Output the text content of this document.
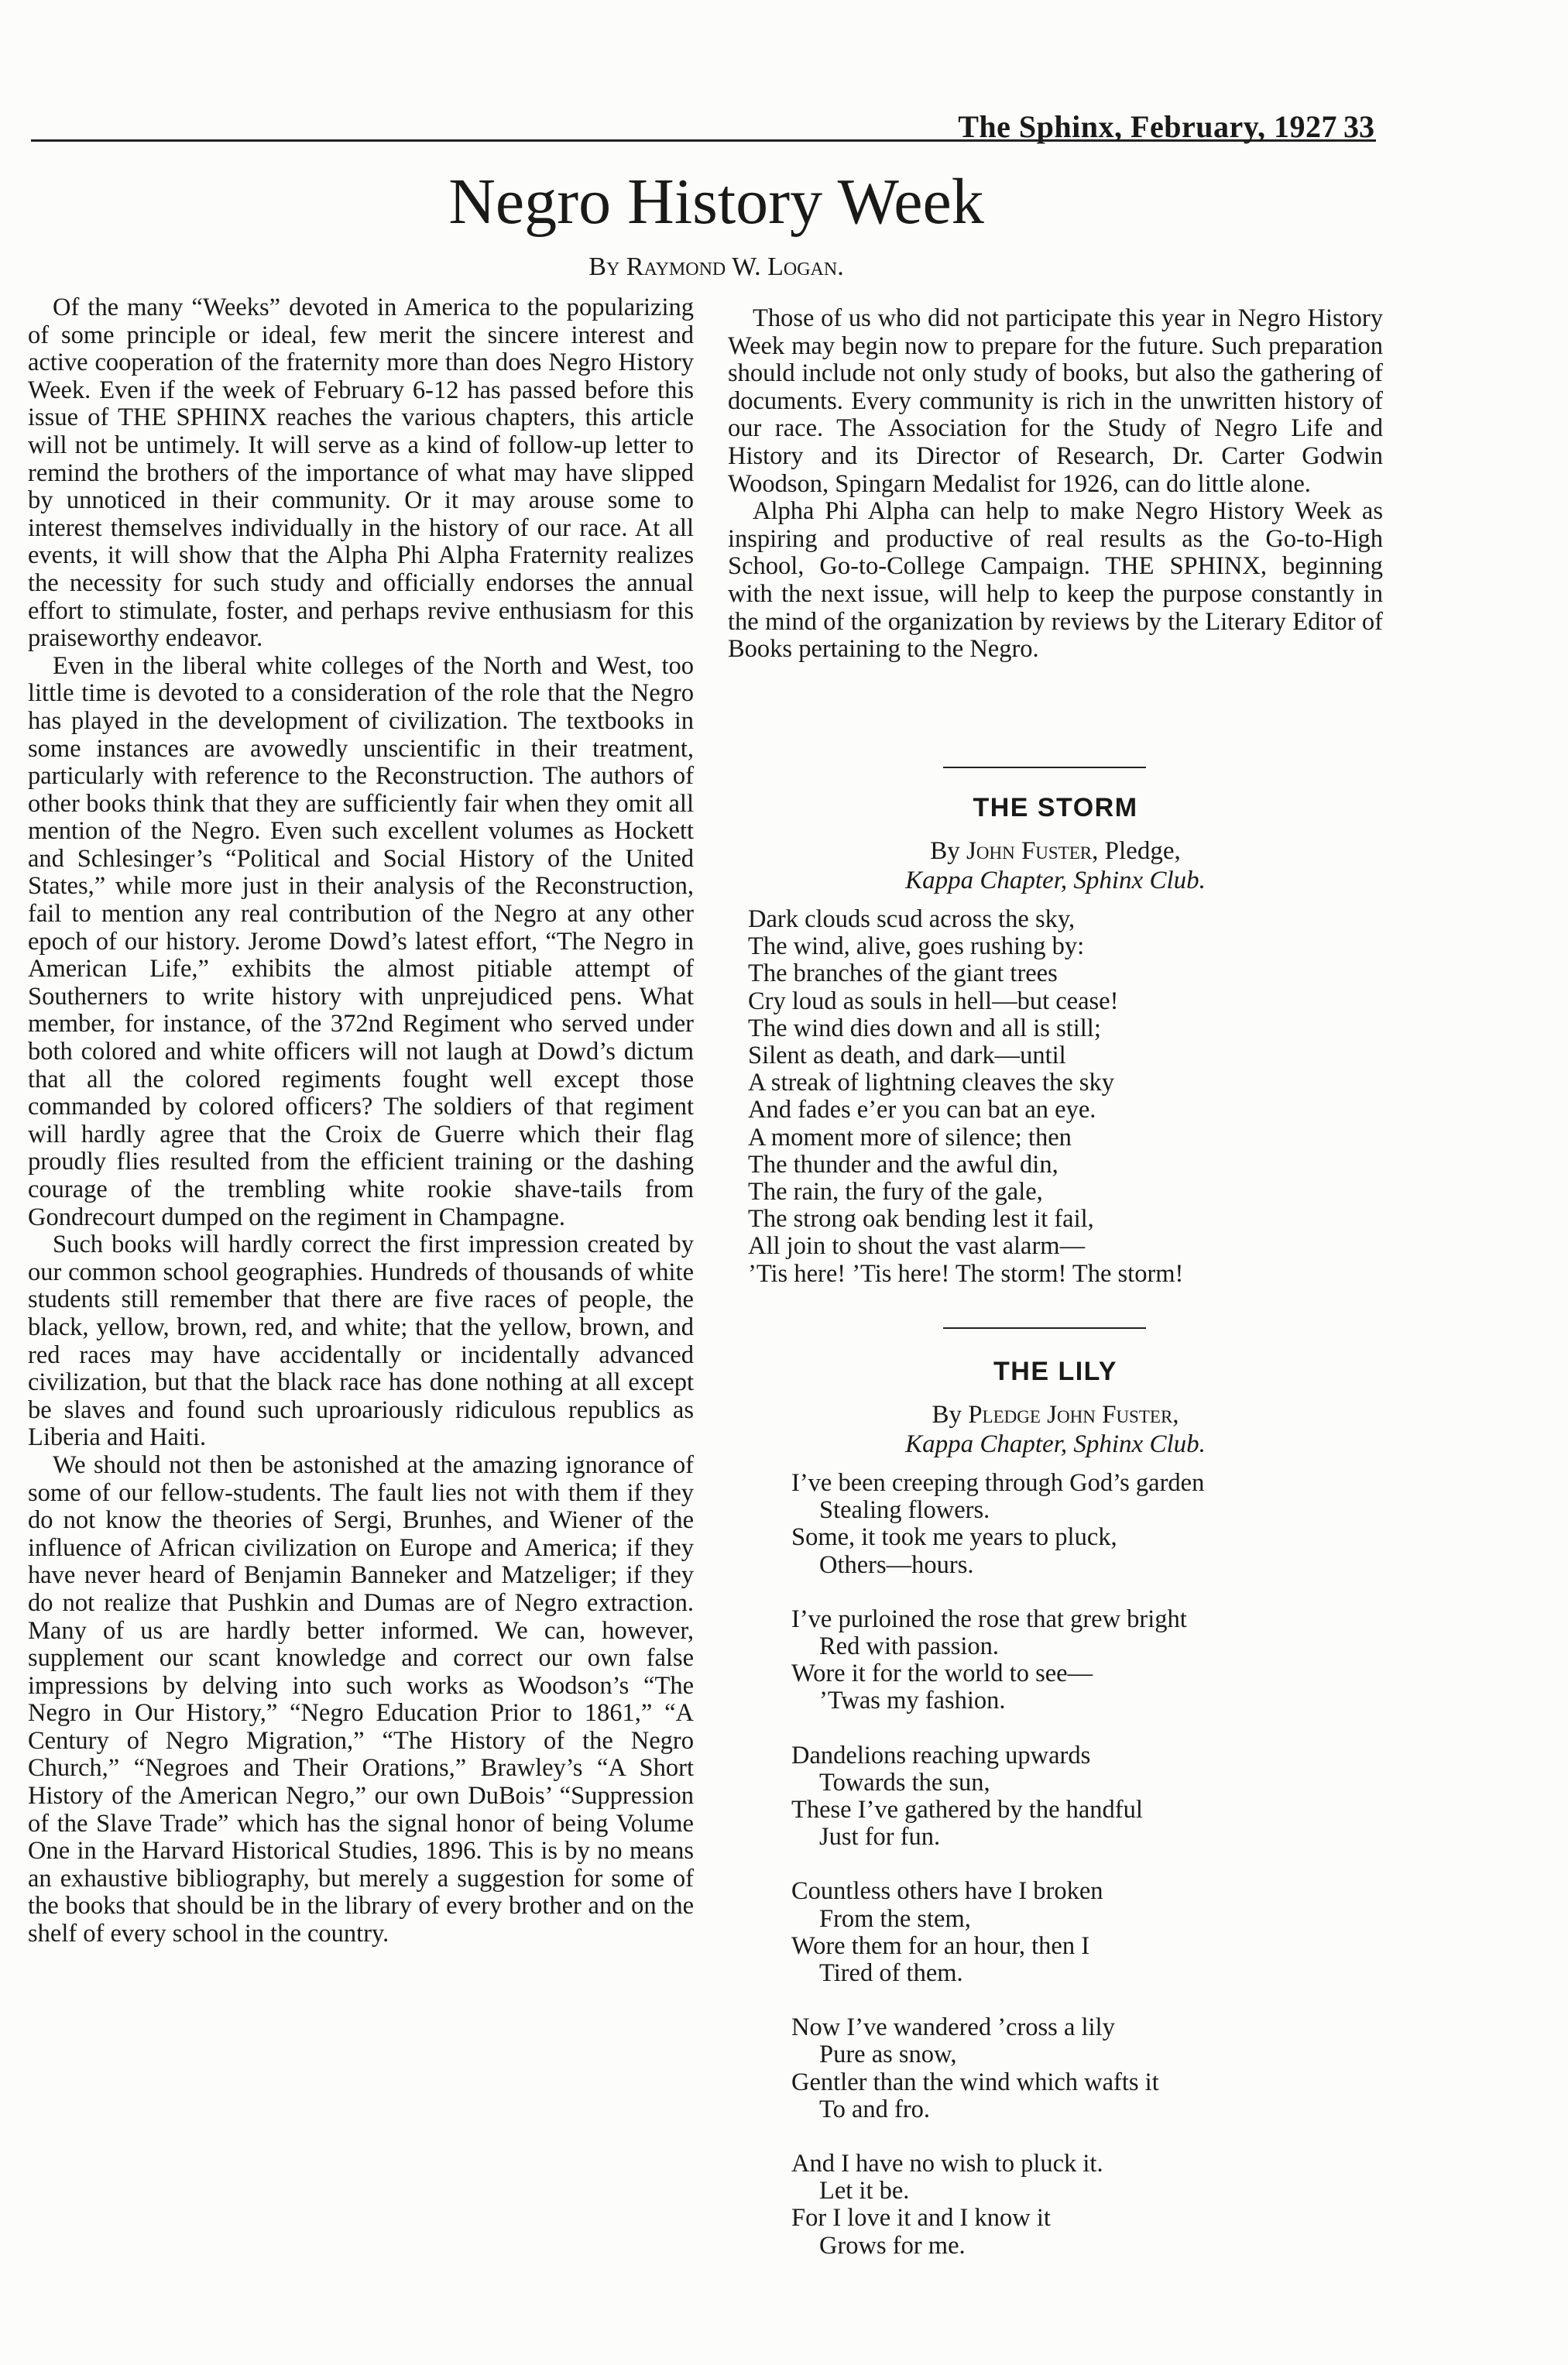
The Sphinx, February, 1927 33
Negro History Week
By Raymond W. Logan.

Of the many “Weeks” devoted in America to the popularizing of some principle or ideal, few merit the sincere interest and active cooperation of the fraternity more than does Negro History Week. Even if the week of February 6-12 has passed before this issue of THE SPHINX reaches the various chapters, this article will not be untimely. It will serve as a kind of follow-up letter to remind the brothers of the importance of what may have slipped by unnoticed in their community. Or it may arouse some to interest themselves individually in the history of our race. At all events, it will show that the Alpha Phi Alpha Fraternity realizes the necessity for such study and officially endorses the annual effort to stimulate, foster, and perhaps revive enthusiasm for this praiseworthy endeavor.

Even in the liberal white colleges of the North and West, too little time is devoted to a consideration of the role that the Negro has played in the development of civilization. The textbooks in some instances are avowedly unscientific in their treatment, particularly with reference to the Reconstruction. The authors of other books think that they are sufficiently fair when they omit all mention of the Negro. Even such excellent volumes as Hockett and Schlesinger’s “Political and Social History of the United States,” while more just in their analysis of the Reconstruction, fail to mention any real contribution of the Negro at any other epoch of our history. Jerome Dowd’s latest effort, “The Negro in American Life,” exhibits the almost pitiable attempt of Southerners to write history with unprejudiced pens. What member, for instance, of the 372nd Regiment who served under both colored and white officers will not laugh at Dowd’s dictum that all the colored regiments fought well except those commanded by colored officers? The soldiers of that regiment will hardly agree that the Croix de Guerre which their flag proudly flies resulted from the efficient training or the dashing courage of the trembling white rookie shave-tails from Gondrecourt dumped on the regiment in Champagne.

Such books will hardly correct the first impression created by our common school geographies. Hundreds of thousands of white students still remember that there are five races of people, the black, yellow, brown, red, and white; that the yellow, brown, and red races may have accidentally or incidentally advanced civilization, but that the black race has done nothing at all except be slaves and found such uproariously ridiculous republics as Liberia and Haiti.

We should not then be astonished at the amazing ignorance of some of our fellow-students. The fault lies not with them if they do not know the theories of Sergi, Brunhes, and Wiener of the influence of African civilization on Europe and America; if they have never heard of Benjamin Banneker and Matzeliger; if they do not realize that Pushkin and Dumas are of Negro extraction. Many of us are hardly better informed. We can, however, supplement our scant knowledge and correct our own false impressions by delving into such works as Woodson’s “The Negro in Our History,” “Negro Education Prior to 1861,” “A Century of Negro Migration,” “The History of the Negro Church,” “Negroes and Their Orations,” Brawley’s “A Short History of the American Negro,” our own DuBois’ “Suppression of the Slave Trade” which has the signal honor of being Volume One in the Harvard Historical Studies, 1896. This is by no means an exhaustive bibliography, but merely a suggestion for some of the books that should be in the library of every brother and on the shelf of every school in the country.

Those of us who did not participate this year in Negro History Week may begin now to prepare for the future. Such preparation should include not only study of books, but also the gathering of documents. Every community is rich in the unwritten history of our race. The Association for the Study of Negro Life and History and its Director of Research, Dr. Carter Godwin Woodson, Spingarn Medalist for 1926, can do little alone.

Alpha Phi Alpha can help to make Negro History Week as inspiring and productive of real results as the Go-to-High School, Go-to-College Campaign. THE SPHINX, beginning with the next issue, will help to keep the purpose constantly in the mind of the organization by reviews by the Literary Editor of Books pertaining to the Negro.

THE STORM
By John Fuster, Pledge,
Kappa Chapter, Sphinx Club.
Dark clouds scud across the sky,
The wind, alive, goes rushing by:
The branches of the giant trees
Cry loud as souls in hell—but cease!
The wind dies down and all is still;
Silent as death, and dark—until
A streak of lightning cleaves the sky
And fades e’er you can bat an eye.
A moment more of silence; then
The thunder and the awful din,
The rain, the fury of the gale,
The strong oak bending lest it fail,
All join to shout the vast alarm—
’Tis here! ’Tis here! The storm! The storm!
THE LILY
By Pledge John Fuster,
Kappa Chapter, Sphinx Club.
I’ve been creeping through God’s garden
Stealing flowers.
Some, it took me years to pluck,
Others—hours.
I’ve purloined the rose that grew bright
Red with passion.
Wore it for the world to see—
’Twas my fashion.
Dandelions reaching upwards
Towards the sun,
These I’ve gathered by the handful
Just for fun.
Countless others have I broken
From the stem,
Wore them for an hour, then I
Tired of them.
Now I’ve wandered ’cross a lily
Pure as snow,
Gentler than the wind which wafts it
To and fro.
And I have no wish to pluck it.
Let it be.
For I love it and I know it
Grows for me.
